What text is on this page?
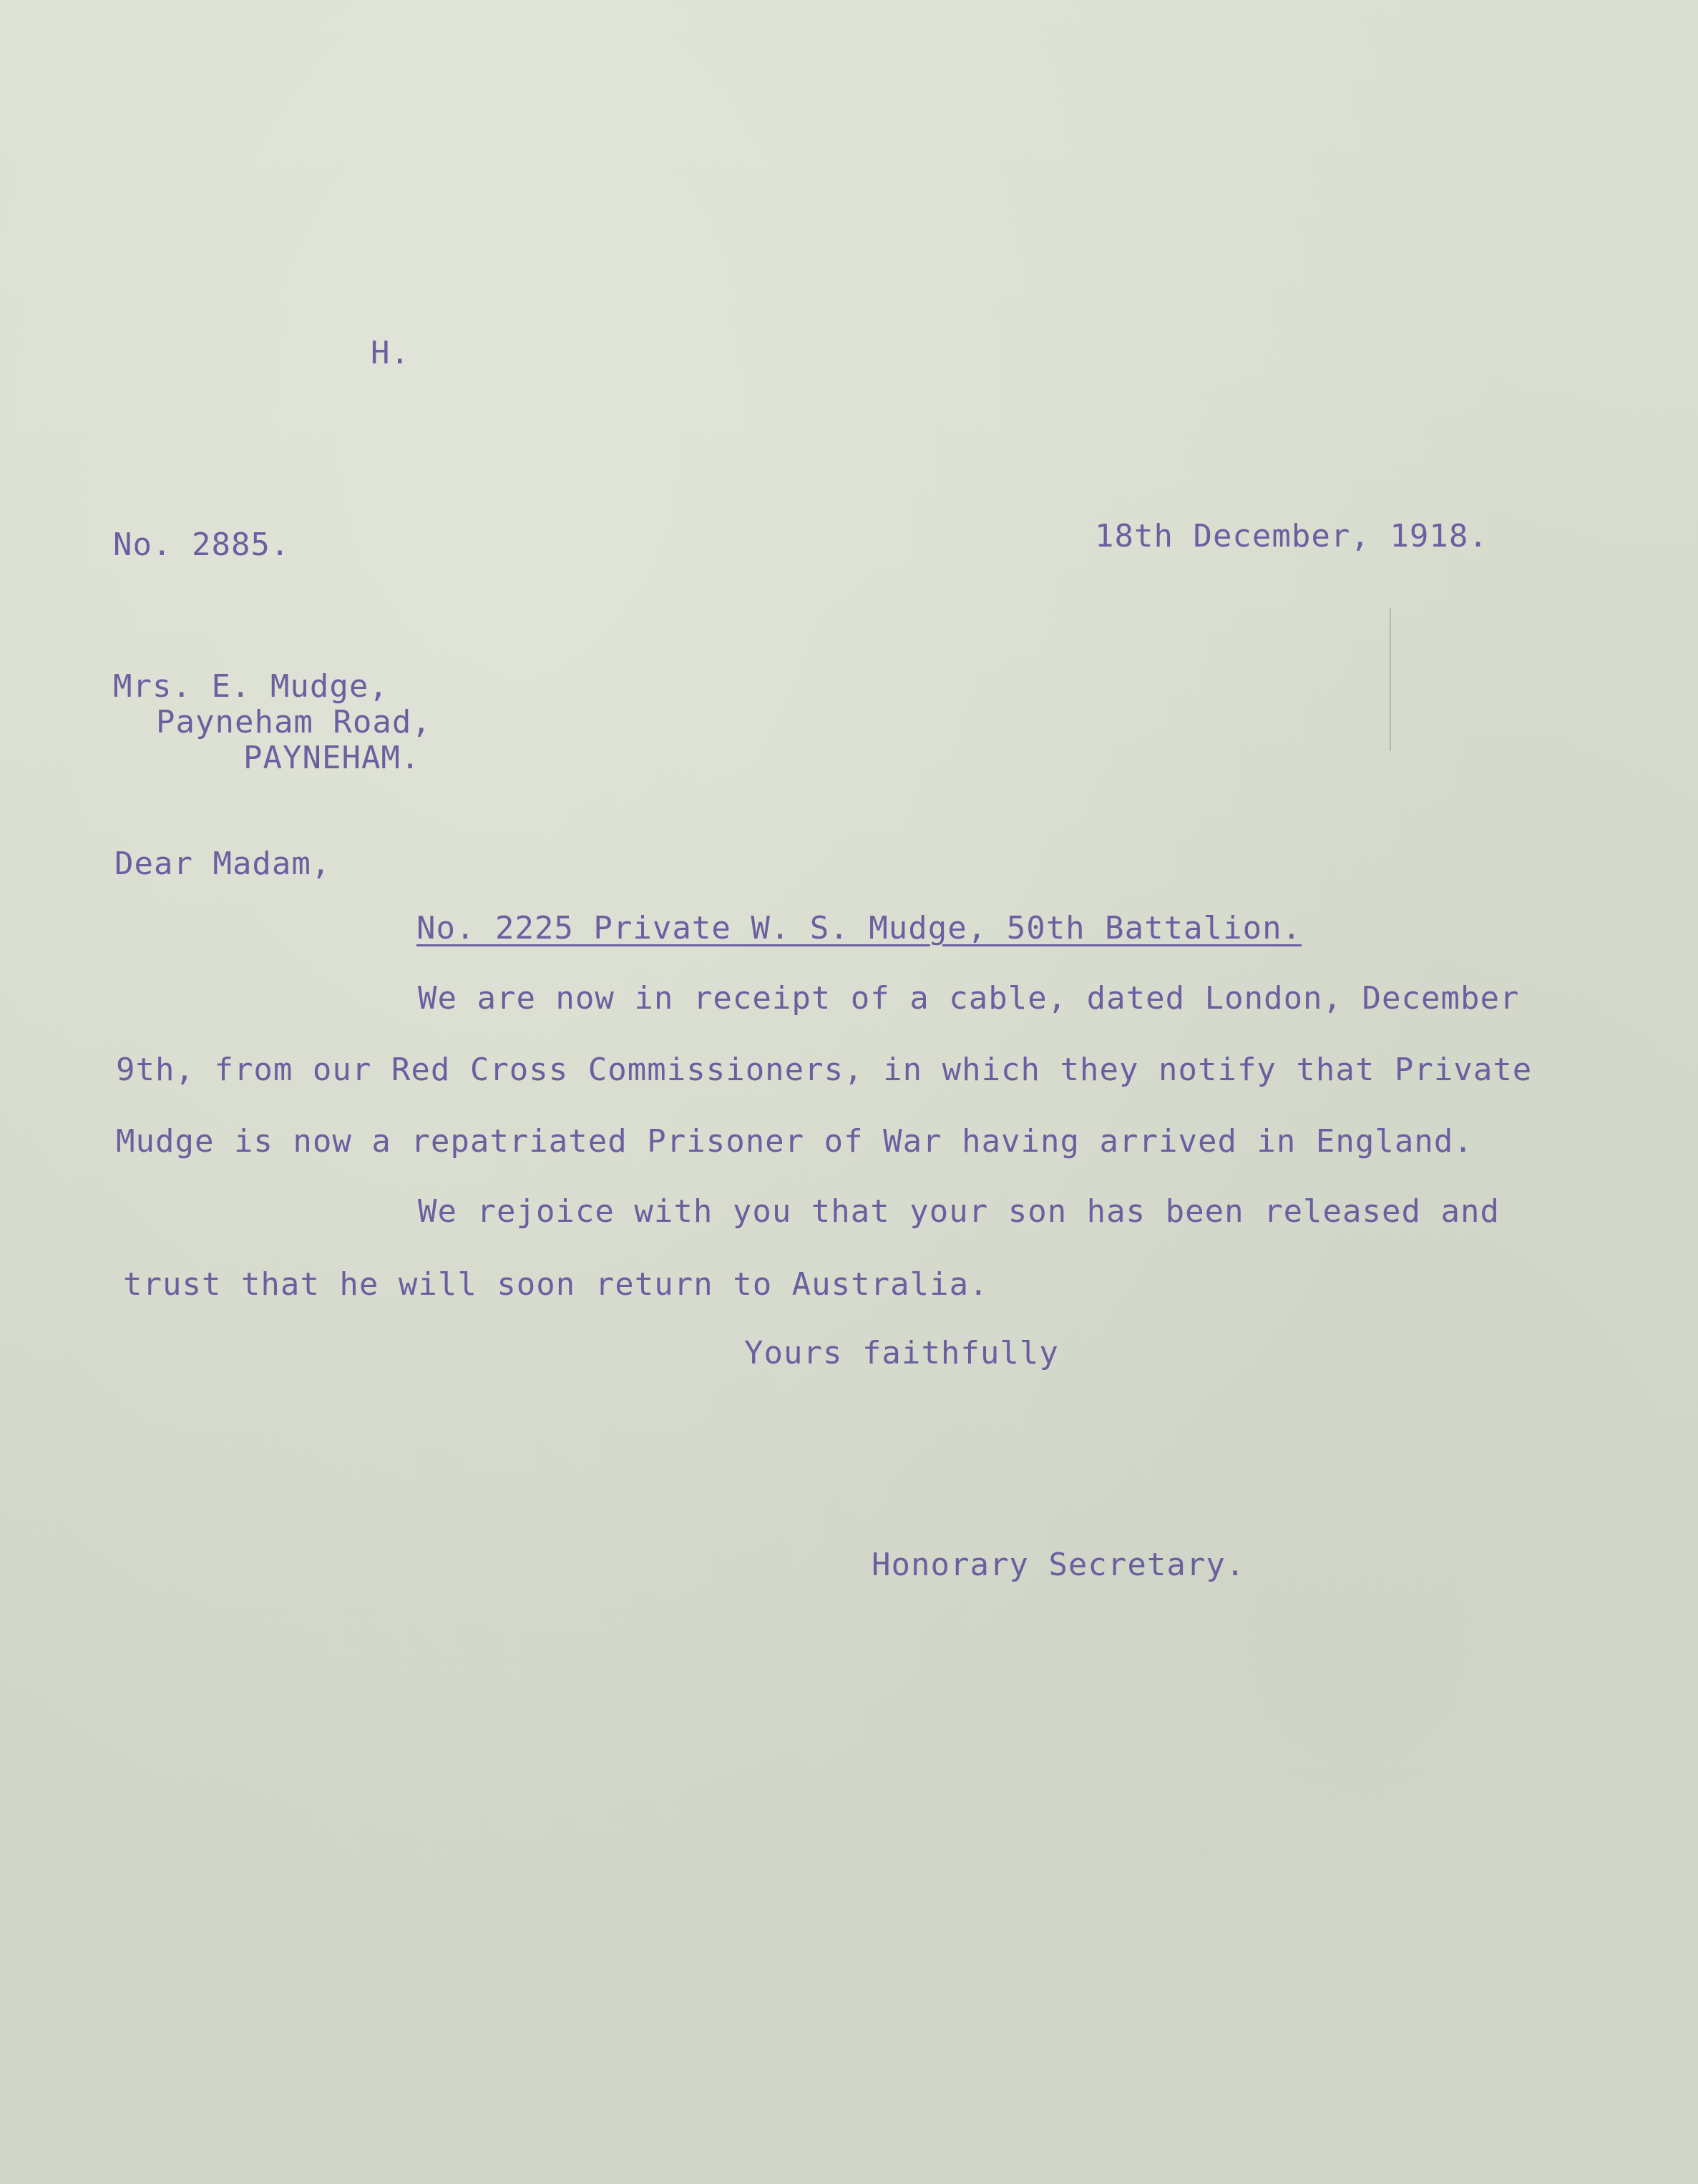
H.

No. 2885.	18th December, 1918.

Mrs. E. Mudge,

Payneham Road,

PAYNEHAM.

Dear Madam,

No. 2225 Private W. S. Mudge, 50th Battalion.

We are now in receipt of a cable, dated London, December

9th, from our Red Cross Commissioners, in which they notify that Private

Mudge is now a repatriated Prisoner of War having arrived in England.

We rejoice with you that your son has been released and

trust that he will soon return to Australia.

Yours faithfully

Honorary Secretary.
